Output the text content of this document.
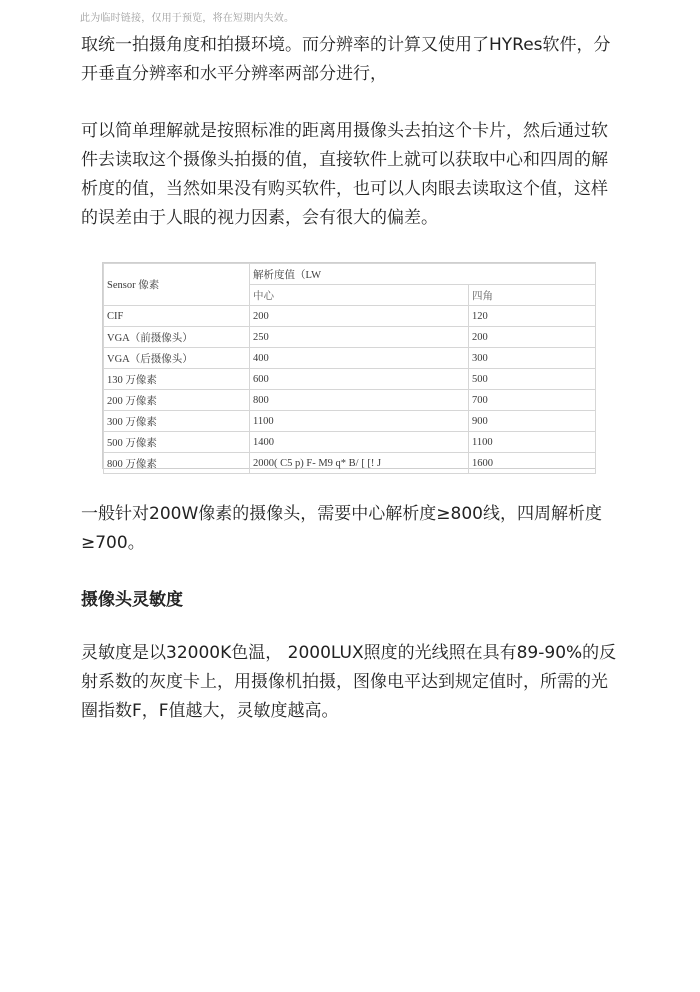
此为临时链接，仅用于预览，将在短期内失效。

取统一拍摄角度和拍摄环境。而分辨率的计算又使用了HYRes软件，分开垂直分辨率和水平分辨率两部分进行，

可以简单理解就是按照标准的距离用摄像头去拍这个卡片，然后通过软件去读取这个摄像头拍摄的值，直接软件上就可以获取中心和四周的解析度的值，当然如果没有购买软件，也可以人肉眼去读取这个值，这样的误差由于人眼的视力因素，会有很大的偏差。

Sensor 像素	解析度值（LW	
	中心	四角
CIF	200	120
VGA（前摄像头）	250	200
VGA（后摄像头）	400	300
130 万像素	600	500
200 万像素	800	700
300 万像素	1100	900
500 万像素	1400	1100
800 万像素	2000( C5 p) F- M9 q* B/ [ [! J	1600

一般针对200W像素的摄像头，需要中心解析度≥800线，四周解析度≥700。

摄像头灵敏度

灵敏度是以32000K色温， 2000LUX照度的光线照在具有89-90%的反射系数的灰度卡上，用摄像机拍摄，图像电平达到规定值时，所需的光圈指数F，F值越大，灵敏度越高。
